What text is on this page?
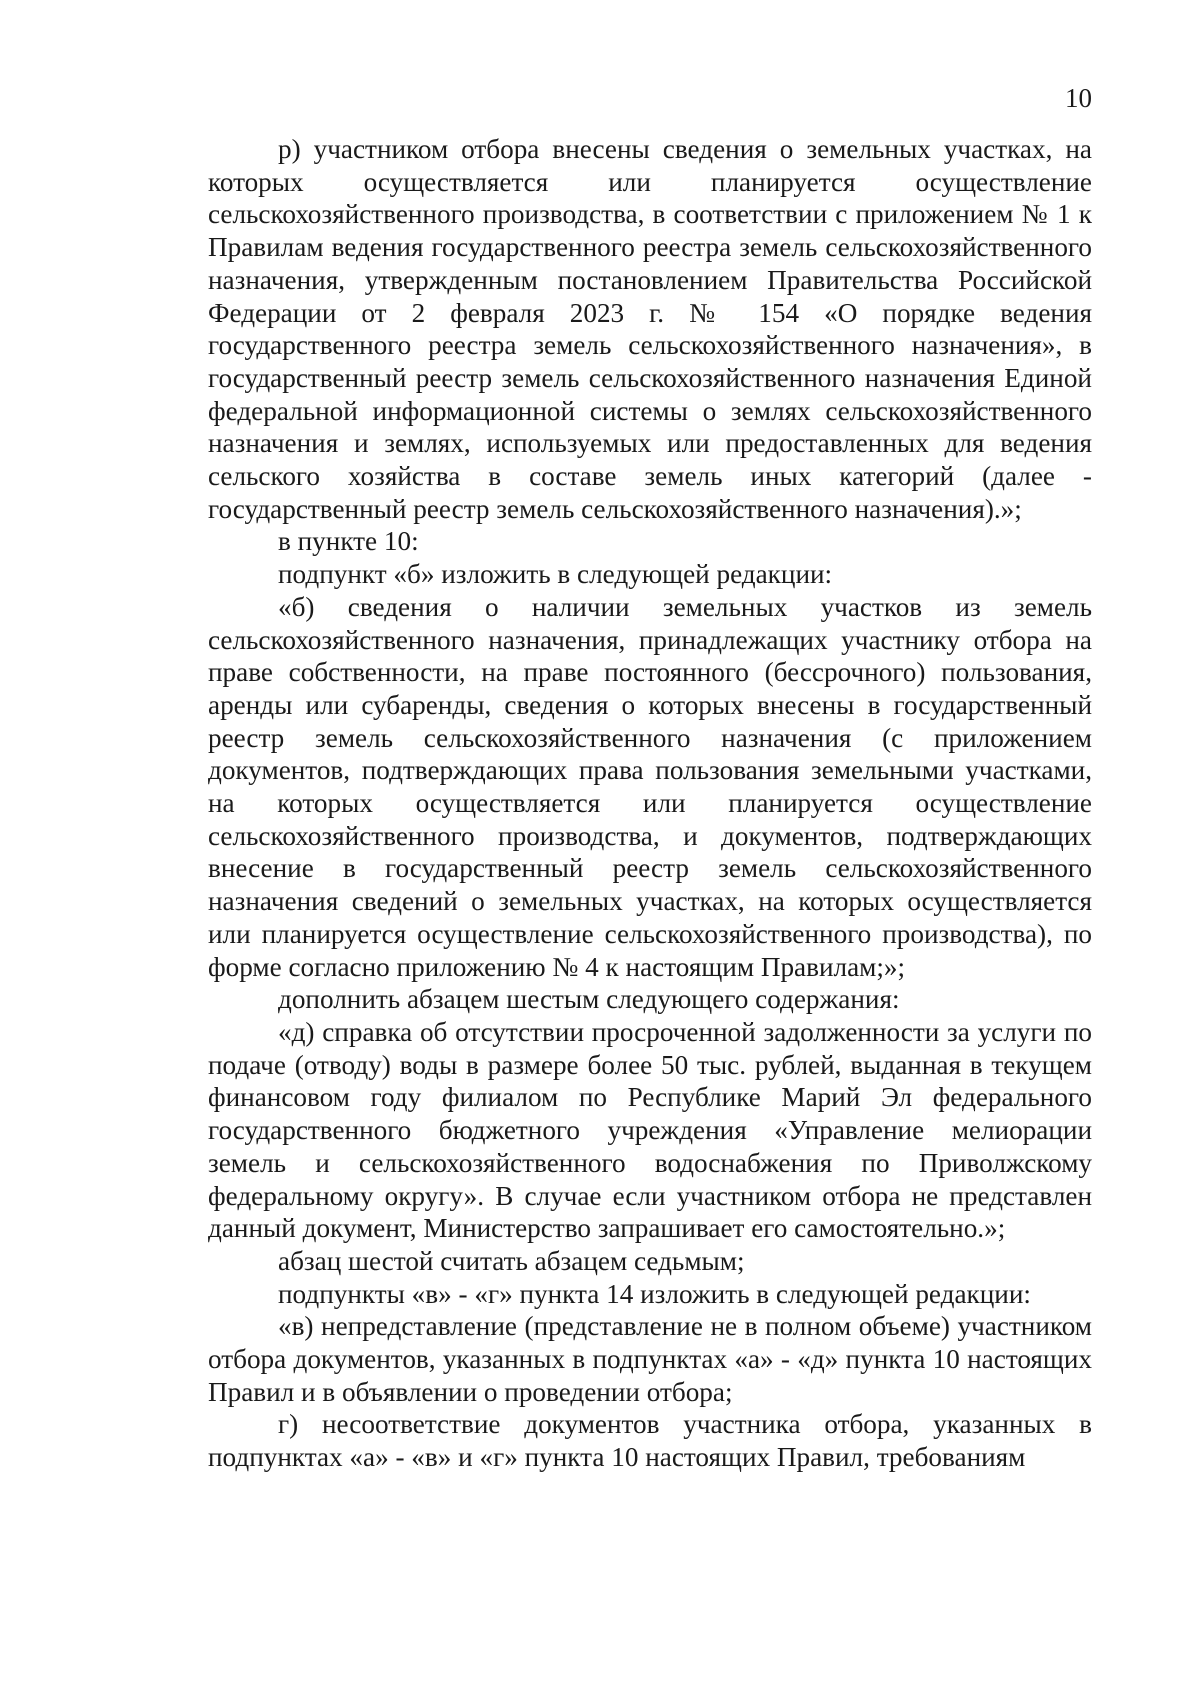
10

р) участником отбора внесены сведения о земельных участках, на которых осуществляется или планируется осуществление сельскохозяйственного производства, в соответствии с приложением № 1 к Правилам ведения государственного реестра земель сельскохозяйственного назначения, утвержденным постановлением Правительства Российской Федерации от 2 февраля 2023 г. № 154 «О порядке ведения государственного реестра земель сельскохозяйственного назначения», в государственный реестр земель сельскохозяйственного назначения Единой федеральной информационной системы о землях сельскохозяйственного назначения и землях, используемых или предоставленных для ведения сельского хозяйства в составе земель иных категорий (далее - государственный реестр земель сельскохозяйственного назначения).»;

в пункте 10:

подпункт «б» изложить в следующей редакции:

«б) сведения о наличии земельных участков из земель сельскохозяйственного назначения, принадлежащих участнику отбора на праве собственности, на праве постоянного (бессрочного) пользования, аренды или субаренды, сведения о которых внесены в государственный реестр земель сельскохозяйственного назначения (с приложением документов, подтверждающих права пользования земельными участками, на которых осуществляется или планируется осуществление сельскохозяйственного производства, и документов, подтверждающих внесение в государственный реестр земель сельскохозяйственного назначения сведений о земельных участках, на которых осуществляется или планируется осуществление сельскохозяйственного производства), по форме согласно приложению № 4 к настоящим Правилам;»;

дополнить абзацем шестым следующего содержания:

«д) справка об отсутствии просроченной задолженности за услуги по подаче (отводу) воды в размере более 50 тыс. рублей, выданная в текущем финансовом году филиалом по Республике Марий Эл федерального государственного бюджетного учреждения «Управление мелиорации земель и сельскохозяйственного водоснабжения по Приволжскому федеральному округу». В случае если участником отбора не представлен данный документ, Министерство запрашивает его самостоятельно.»;

абзац шестой считать абзацем седьмым;

подпункты «в» - «г» пункта 14 изложить в следующей редакции:

«в) непредставление (представление не в полном объеме) участником отбора документов, указанных в подпунктах «а» - «д» пункта 10 настоящих Правил и в объявлении о проведении отбора;

г) несоответствие документов участника отбора, указанных в подпунктах «а» - «в» и «г» пункта 10 настоящих Правил, требованиям
